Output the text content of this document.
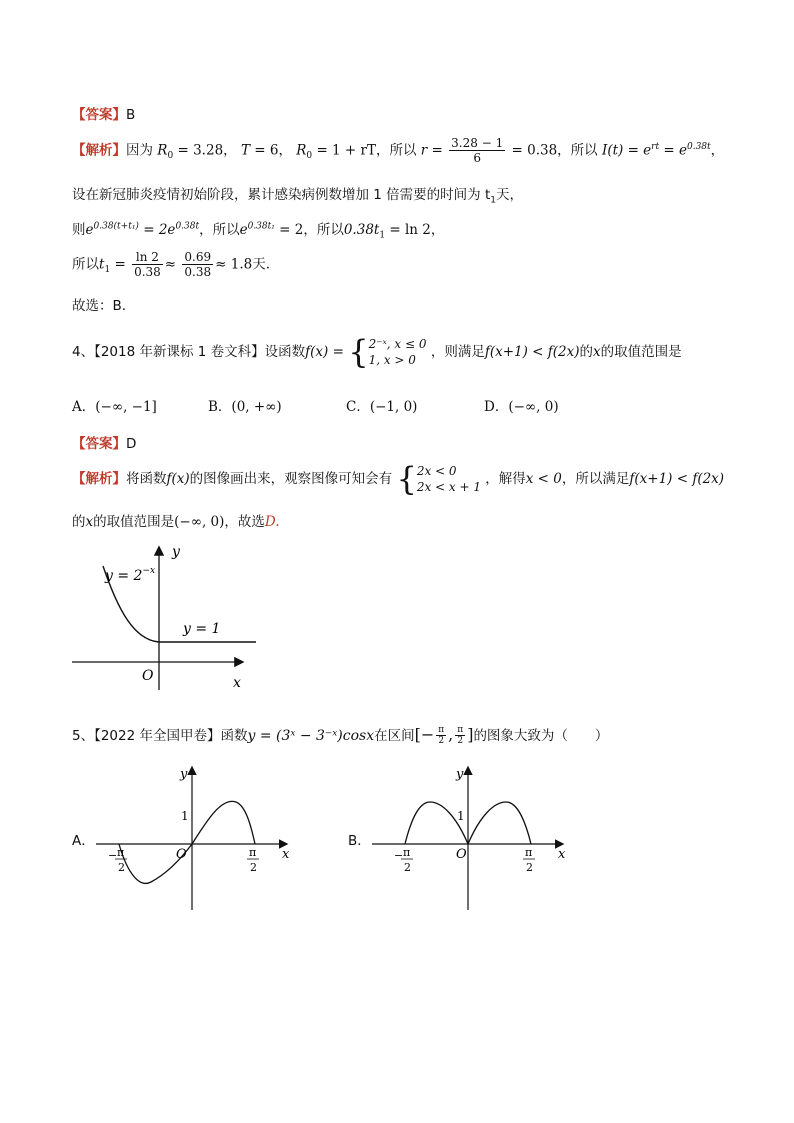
【答案】B
【解析】因为 $R_0 = 3.28$， T = 6， $R_0 = 1$ + rT，所以 $r = \frac{3.28 - 1}{6} = 0.38$，所以 $I(t) = e^{rt} = e^{0.38t}$，
设在新冠肺炎疫情初始阶段，累计感染病例数增加 1 倍需要的时间为 $t_1$天，
则$e^{0.38(t+t_1)} = 2e^{0.38t}$，所以$e^{0.38t_1} = 2$，所以$0.38t_1 = \ln 2$，
所以$t_1 = \frac{\ln 2}{0.38} \approx \frac{0.69}{0.38} \approx 1.8$天.
故选：B.
4、【2018 年新课标 1 卷文科】设函数f(x) = { 2⁻ˣ, x ≤ 0
1, x > 0	，则满足f(x+1) < f(2x)的x的取值范围是
A．(−∞, −1]	B．(0, +∞)	C．(−1, 0)	D．(−∞, 0)
【答案】D
【解析】将函数f(x)的图像画出来，观察图像可知会有 { 2x < 0
2x < x + 1 ，解得x < 0，所以满足f(x+1) < f(2x)
的x的取值范围是(−∞, 0)，故选D.
$y = 2^{-x}$
y = 1
x
y
O
5、【2022 年全国甲卷】函数y = (3ˣ − 3⁻ˣ)cosx在区间[− $\frac{\pi}{2}$ , $\frac{\pi}{2}$ ]的图象大致为（　　）
A．
1
O	x
y
− π
2
π
2
B．
1
O	x
y
− π
2
π
2
